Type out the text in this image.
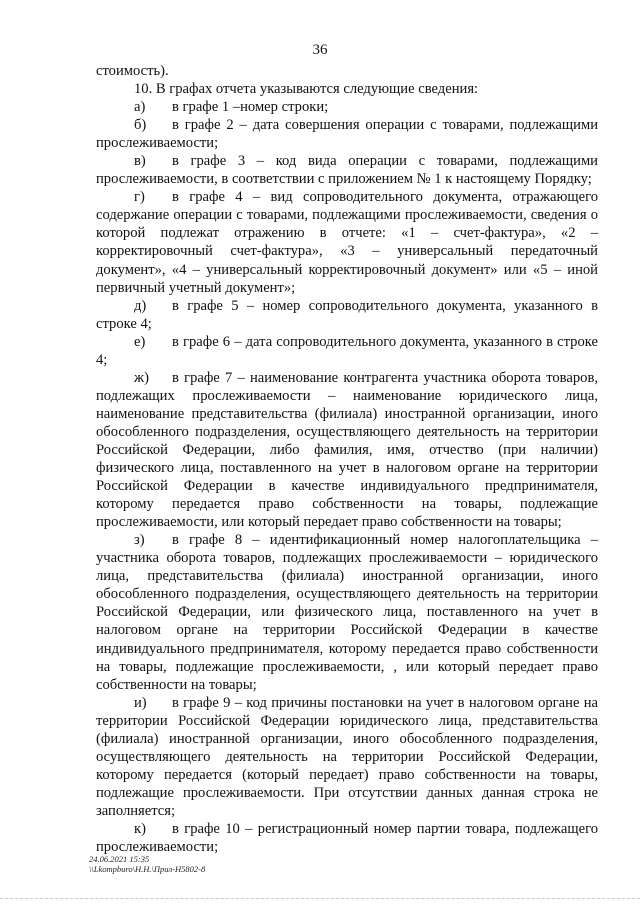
36

стоимость).

10. В графах отчета указываются следующие сведения:

а) в графе 1 –номер строки;

б) в графе 2 – дата совершения операции с товарами, подлежащими прослеживаемости;

в) в графе 3 – код вида операции с товарами, подлежащими прослеживаемости, в соответствии с приложением № 1 к настоящему Порядку;

г) в графе 4 – вид сопроводительного документа, отражающего содержание операции с товарами, подлежащими прослеживаемости, сведения о которой подлежат отражению в отчете: «1 – счет-фактура», «2 – корректировочный счет-фактура», «3 – универсальный передаточный документ», «4 – универсальный корректировочный документ» или «5 – иной первичный учетный документ»;

д) в графе 5 – номер сопроводительного документа, указанного в строке 4;

е) в графе 6 – дата сопроводительного документа, указанного в строке 4;

ж) в графе 7 – наименование контрагента участника оборота товаров, подлежащих прослеживаемости – наименование юридического лица, наименование представительства (филиала) иностранной организации, иного обособленного подразделения, осуществляющего деятельность на территории Российской Федерации, либо фамилия, имя, отчество (при наличии) физического лица, поставленного на учет в налоговом органе на территории Российской Федерации в качестве индивидуального предпринимателя, которому передается право собственности на товары, подлежащие прослеживаемости, или который передает право собственности на товары;

з) в графе 8 – идентификационный номер налогоплательщика – участника оборота товаров, подлежащих прослеживаемости – юридического лица, представительства (филиала) иностранной организации, иного обособленного подразделения, осуществляющего деятельность на территории Российской Федерации, или физического лица, поставленного на учет в налоговом органе на территории Российской Федерации в качестве индивидуального предпринимателя, которому передается право собственности на товары, подлежащие прослеживаемости, , или который передает право собственности на товары;

и) в графе 9 – код причины постановки на учет в налоговом органе на территории Российской Федерации юридического лица, представительства (филиала) иностранной организации, иного обособленного подразделения, осуществляющего деятельность на территории Российской Федерации, которому передается (который передает) право собственности на товары, подлежащие прослеживаемости. При отсутствии данных данная строка не заполняется;

к) в графе 10 – регистрационный номер партии товара, подлежащего прослеживаемости;

24.06.2021 15:35
\\Lkompburo\Н.Н.\Прил-Н5802-8
